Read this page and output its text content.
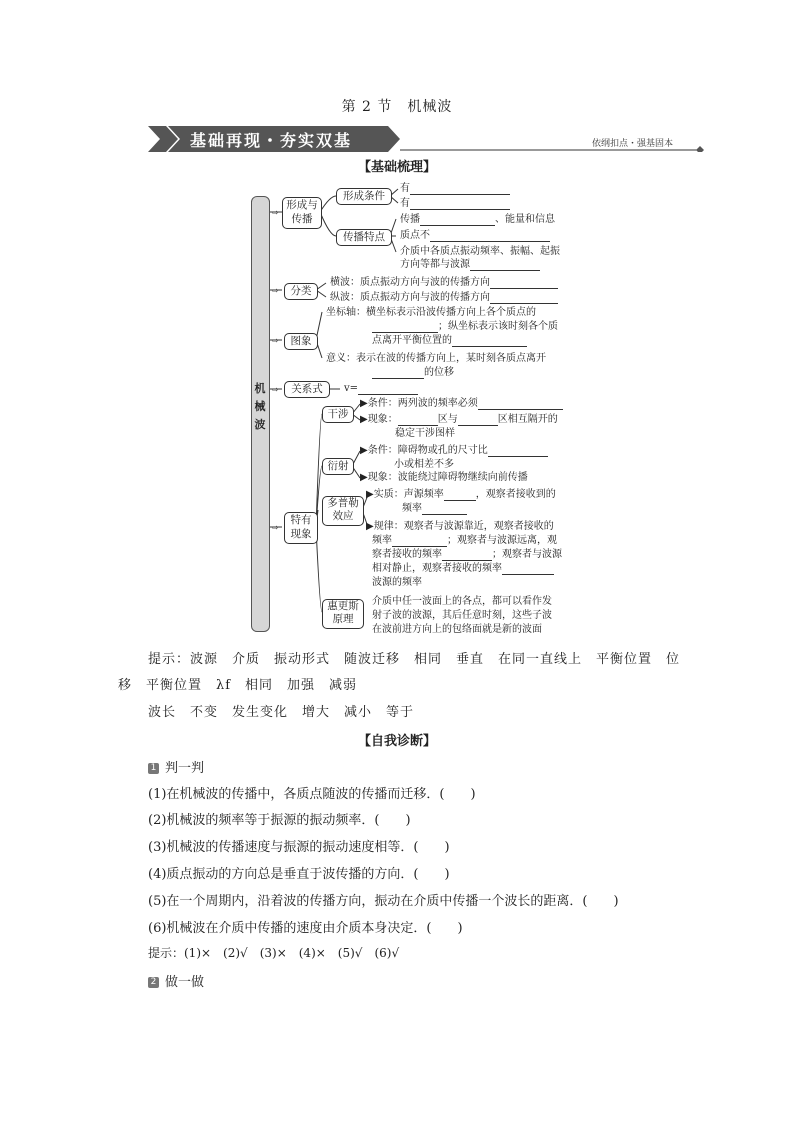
第 2 节　机械波
基础再现・夯实双基	依纲扣点・强基固本
【基础梳理】
⇨
⇨
⇨
⇨
⇨
机
械
波
形成与
传播
形成条件
有
有
传播特点
传播	、能量和信息
质点不
介质中各质点振动频率、振幅、起振
方向等都与波源
分类
横波：质点振动方向与波的传播方向
纵波：质点振动方向与波的传播方向
图象
坐标轴：横坐标表示沿波传播方向上各个质点的
；纵坐标表示该时刻各个质
点离开平衡位置的
意义：表示在波的传播方向上，某时刻各质点离开
的位移
关系式	v=
特有
现象
干涉
▶条件：两列波的频率必须
▶现象：	区与	区相互隔开的
稳定干涉图样
衍射
▶条件：障碍物或孔的尺寸比
小或相差不多
▶现象：波能绕过障碍物继续向前传播
多普勒
效应
▶实质：声源频率	，观察者接收到的
频率
▶规律：观察者与波源靠近，观察者接收的
频率	；观察者与波源远离，观
察者接收的频率	；观察者与波源
相对静止，观察者接收的频率
波源的频率
惠更斯
原理
介质中任一波面上的各点，都可以看作发
射子波的波源，其后任意时刻，这些子波
在波前进方向上的包络面就是新的波面
提示：波源　介质　振动形式　随波迁移　相同　垂直　在同一直线上　平衡位置　位
移　平衡位置　λf　相同　加强　减弱
波长　不变　发生变化　增大　减小　等于
【自我诊断】
1 判一判
(1)在机械波的传播中，各质点随波的传播而迁移．(　　)
(2)机械波的频率等于振源的振动频率．(　　)
(3)机械波的传播速度与振源的振动速度相等．(　　)
(4)质点振动的方向总是垂直于波传播的方向．(　　)
(5)在一个周期内，沿着波的传播方向，振动在介质中传播一个波长的距离．(　　)
(6)机械波在介质中传播的速度由介质本身决定．(　　)
提示：(1)×　(2)√　(3)×　(4)×　(5)√　(6)√
2 做一做
